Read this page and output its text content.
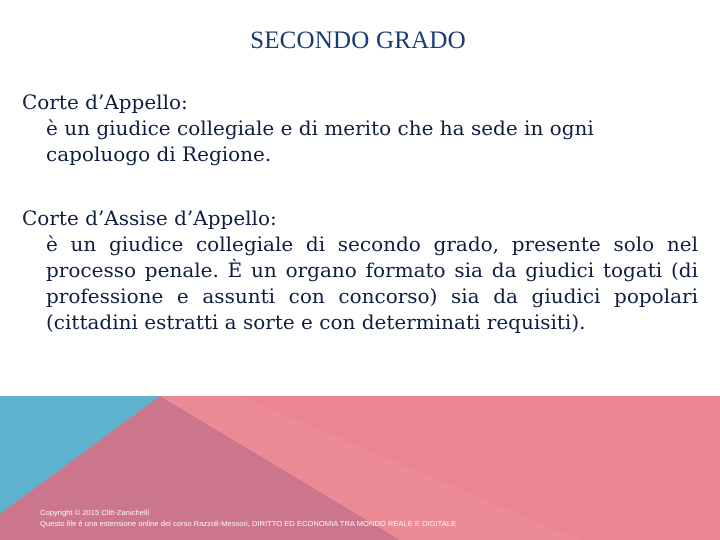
SECONDO GRADO

Corte d’Appello:

è un giudice collegiale e di merito che ha sede in ogni capoluogo di Regione.

Corte d’Assise d’Appello:

è un giudice collegiale di secondo grado, presente solo nel processo penale. È un organo formato sia da giudici togati (di professione e assunti con concorso) sia da giudici popolari (cittadini estratti a sorte e con determinati requisiti).

Copyright © 2015 Clitt-Zanichelli
Questo file è una estensione online del corso Razzoli-Messori, DIRITTO ED ECONOMIA TRA MONDO REALE E DIGITALE
